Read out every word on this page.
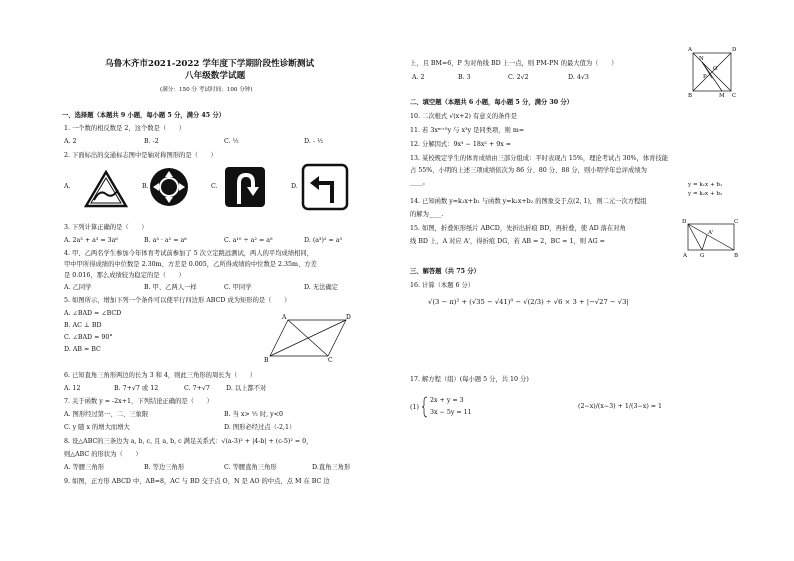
乌鲁木齐市2021-2022 学年度下学期阶段性诊断测试
八年级数学试题
(满分：150 分 考试时间：100 分钟)
一、选择题（本题共 9 小题，每小题 5 分，满分 45 分）
1. 一个数的相反数是 2，这个数是（　　）
A. 2	B. -2	C. ½	D. - ½
2. 下面标出的交通标志图中是轴对称图形的是（　　）
A.	B.	C.	D.
3. 下列计算正确的是（　　）
A. 2a³ + a³ = 3a⁶	B. a³ · a² = a⁶	C. a¹⁰ ÷ a² = a⁸	D. (a³)² = a⁵
4. 甲、乙两名学生参加今年体育考试前参加了 5 次立定跳远测试，两人的平均成绩相同，
甲中甲所得成绩的中位数是 2.30m、方差是 0.005，乙所得成绩的中位数是 2.35m、方差
是 0.016，那么成绩较为稳定的是（　　）
A. 乙同学	B. 甲、乙两人一样	C. 甲同学	D. 无法确定
5. 如图所示，增加下列一个条件可以使平行四边形 ABCD 成为矩形的是（　　）
A. ∠BAD = ∠BCD
B. AC ⊥ BD
C. ∠BAD = 90°
D. AB = BC
A	D
B	C
6. 已知直角三角形两边的长为 3 和 4，则此三角形的周长为（　　）
A. 12	B. 7+√7 或 12	C. 7+√7	D. 以上都不对
7. 关于函数 y = -2x+1，下列结论正确的是（　　）
A. 图形经过第一、二、三象限	B. 当 x> ½ 时, y<0
C. y 随 x 的增大而增大	D. 图形必经过点（-2,1）
8. 设△ABC的三条边为 a, b, c, 且 a, b, c 满足关系式：√(a-3)² + |4-b| + (c-5)² = 0，
则△ABC 的形状为（　　）
A. 等腰三角形	B. 等边三角形	C. 等腰直角三角形	D.直角三角形
9. 如图，正方形 ABCD 中，AB=8，AC 与 BD 交于点 O，N 是 AO 的中点，点 M 在 BC 边
上，且 BM=6，P 为对角线 BD 上一点，则 PM-PN 的最大值为（　　）
A. 2	B. 3	C. 2√2	D. 4√3
A	D
N
O
P
B	M C
二、填空题（本题共 6 小题，每小题 5 分，满分 30 分）
10. 二次根式 √(x+2) 有意义的条件是
11. 若 3xᵐ⁺⁵y 与 x³y 是同类项，则 m=
12. 分解因式：9x³ − 18x² + 9x =
13. 某校规定学生的体育成绩由三部分组成：平时表现占 15%，理论考试占 30%，体育技能
占 55%，小明的上述三项成绩依次为 86 分、80 分、88 分，则小明学年总评成绩为
____。	y = k₁x + b₁
y = k₂x + b₂
14. 已知函数 y=k₁x+b₁ 与函数 y=k₂x+b₂ 的图象交于点(2, 1)，则二元一次方程组
的解为____.
15. 如图，折叠矩形纸片 ABCD，先折出折痕 BD，再折叠，使 AD 落在对角
线 BD 上，A 对应 A'，得折痕 DG，若 AB = 2，BC = 1，则 AG =
D	C
A'
A G	B
三、解答题（共 75 分）
16. 计算（本题 6 分）
√(3 − π)² + (√35 − √41)⁰ − √(2/3) ÷ √6 × 3 + |−√27 − √3|
17. 解方程（组）(每小题 5 分，共 10 分)
(1)
2x + y = 3
3x − 5y = 11
(2−x)/(x−3) + 1/(3−x) = 1
